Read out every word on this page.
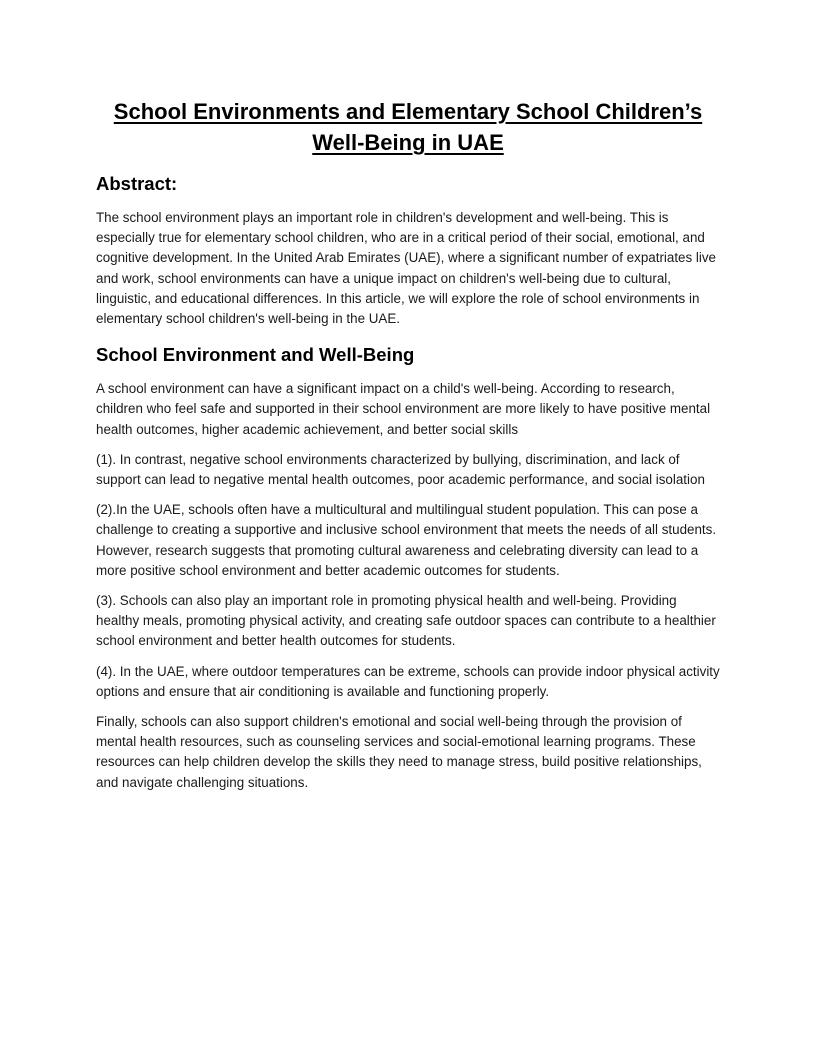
School Environments and Elementary School Children’s Well-Being in UAE
Abstract:

The school environment plays an important role in children's development and well-being. This is especially true for elementary school children, who are in a critical period of their social, emotional, and cognitive development. In the United Arab Emirates (UAE), where a significant number of expatriates live and work, school environments can have a unique impact on children's well-being due to cultural, linguistic, and educational differences. In this article, we will explore the role of school environments in elementary school children's well-being in the UAE.

School Environment and Well-Being

A school environment can have a significant impact on a child's well-being. According to research, children who feel safe and supported in their school environment are more likely to have positive mental health outcomes, higher academic achievement, and better social skills

(1). In contrast, negative school environments characterized by bullying, discrimination, and lack of support can lead to negative mental health outcomes, poor academic performance, and social isolation

(2).In the UAE, schools often have a multicultural and multilingual student population. This can pose a challenge to creating a supportive and inclusive school environment that meets the needs of all students. However, research suggests that promoting cultural awareness and celebrating diversity can lead to a more positive school environment and better academic outcomes for students.

(3). Schools can also play an important role in promoting physical health and well-being. Providing healthy meals, promoting physical activity, and creating safe outdoor spaces can contribute to a healthier school environment and better health outcomes for students.

(4). In the UAE, where outdoor temperatures can be extreme, schools can provide indoor physical activity options and ensure that air conditioning is available and functioning properly.

Finally, schools can also support children's emotional and social well-being through the provision of mental health resources, such as counseling services and social-emotional learning programs. These resources can help children develop the skills they need to manage stress, build positive relationships, and navigate challenging situations.
